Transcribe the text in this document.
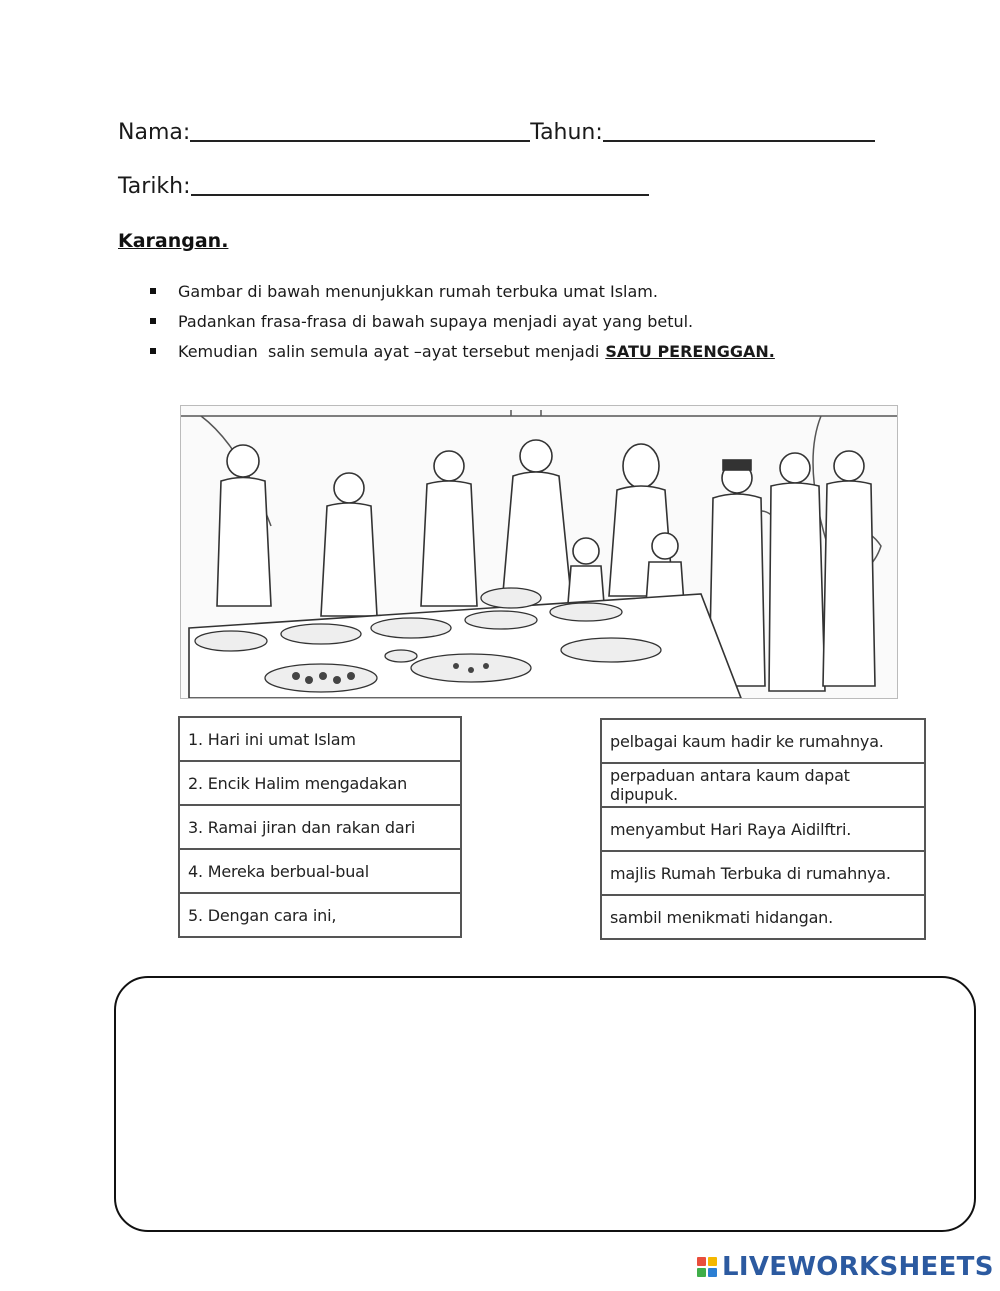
Nama:	Tahun:
Tarikh:
Karangan.
Gambar di bawah menunjukkan rumah terbuka umat Islam.
Padankan frasa-frasa di bawah supaya menjadi ayat yang betul.
Kemudian  salin semula ayat –ayat tersebut menjadi SATU PERENGGAN.
1. Hari ini umat Islam
2. Encik Halim mengadakan
3. Ramai jiran dan rakan dari
4. Mereka berbual-bual
5. Dengan cara ini,
pelbagai kaum hadir ke rumahnya.
perpaduan antara kaum dapat dipupuk.
menyambut Hari Raya Aidilftri.
majlis Rumah Terbuka di rumahnya.
sambil menikmati hidangan.
LIVEWORKSHEETS
